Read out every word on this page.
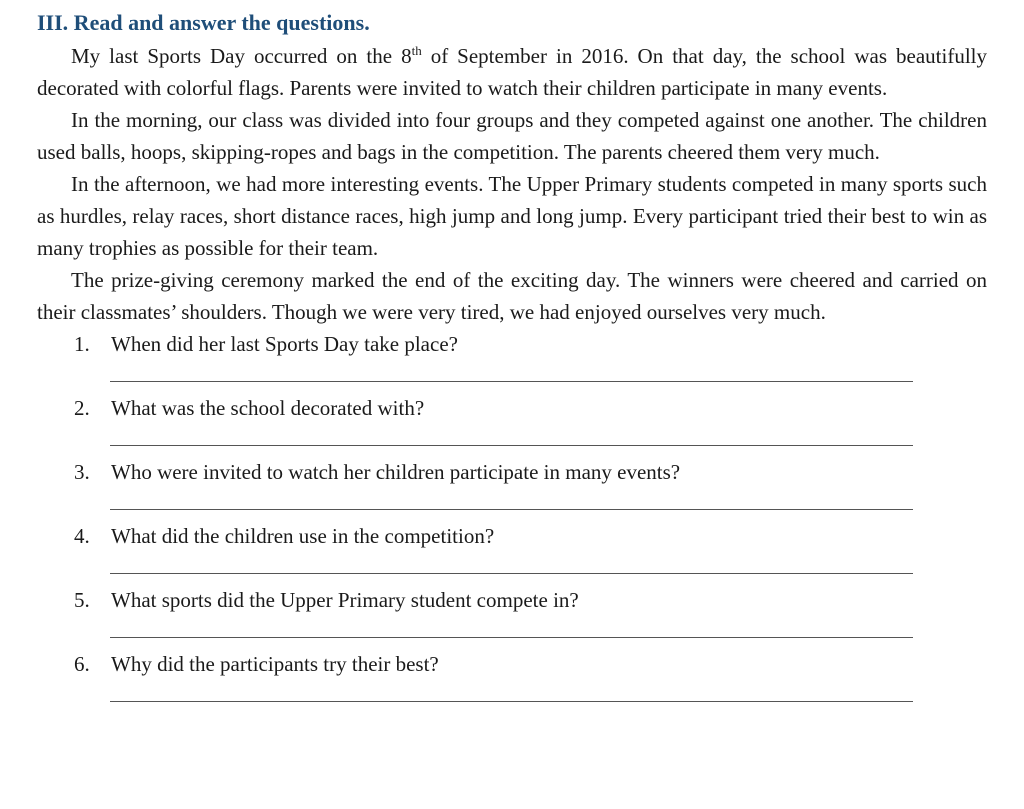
III. Read and answer the questions.

My last Sports Day occurred on the 8th of September in 2016. On that day, the school was beautifully decorated with colorful flags. Parents were invited to watch their children participate in many events.

In the morning, our class was divided into four groups and they competed against one another. The children used balls, hoops, skipping-ropes and bags in the competition. The parents cheered them very much.

In the afternoon, we had more interesting events. The Upper Primary students competed in many sports such as hurdles, relay races, short distance races, high jump and long jump. Every participant tried their best to win as many trophies as possible for their team.

The prize-giving ceremony marked the end of the exciting day. The winners were cheered and carried on their classmates’ shoulders. Though we were very tired, we had enjoyed ourselves very much.

1. When did her last Sports Day take place?
2. What was the school decorated with?
3. Who were invited to watch her children participate in many events?
4. What did the children use in the competition?
5. What sports did the Upper Primary student compete in?
6. Why did the participants try their best?
